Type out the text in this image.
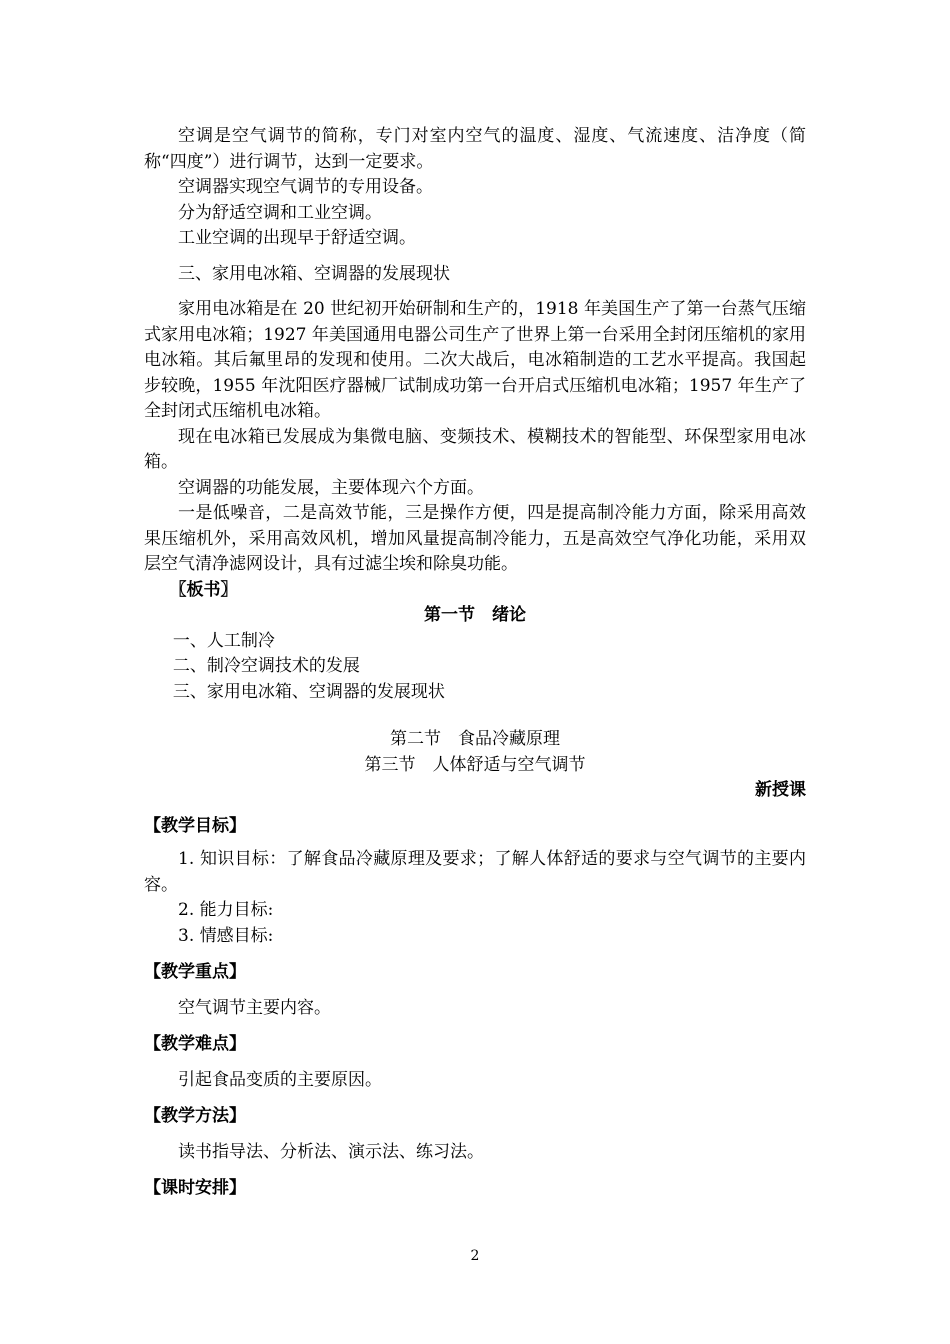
空调是空气调节的简称，专门对室内空气的温度、湿度、气流速度、洁净度（简称“四度”）进行调节，达到一定要求。

空调器实现空气调节的专用设备。

分为舒适空调和工业空调。

工业空调的出现早于舒适空调。

三、家用电冰箱、空调器的发展现状

家用电冰箱是在 20 世纪初开始研制和生产的，1918 年美国生产了第一台蒸气压缩式家用电冰箱；1927 年美国通用电器公司生产了世界上第一台采用全封闭压缩机的家用电冰箱。其后氟里昂的发现和使用。二次大战后，电冰箱制造的工艺水平提高。我国起步较晚，1955 年沈阳医疗器械厂试制成功第一台开启式压缩机电冰箱；1957 年生产了全封闭式压缩机电冰箱。

现在电冰箱已发展成为集微电脑、变频技术、模糊技术的智能型、环保型家用电冰箱。

空调器的功能发展，主要体现六个方面。

一是低噪音，二是高效节能，三是操作方便，四是提高制冷能力方面，除采用高效果压缩机外，采用高效风机，增加风量提高制冷能力，五是高效空气净化功能，采用双层空气清净滤网设计，具有过滤尘埃和除臭功能。

〖板书〗

第一节　绪论

一、人工制冷

二、制冷空调技术的发展

三、家用电冰箱、空调器的发展现状

第二节　食品冷藏原理

第三节　人体舒适与空气调节

新授课

【教学目标】

1. 知识目标：了解食品冷藏原理及要求；了解人体舒适的要求与空气调节的主要内容。

2. 能力目标:

3. 情感目标:

【教学重点】

空气调节主要内容。

【教学难点】

引起食品变质的主要原因。

【教学方法】

读书指导法、分析法、演示法、练习法。

【课时安排】

2
